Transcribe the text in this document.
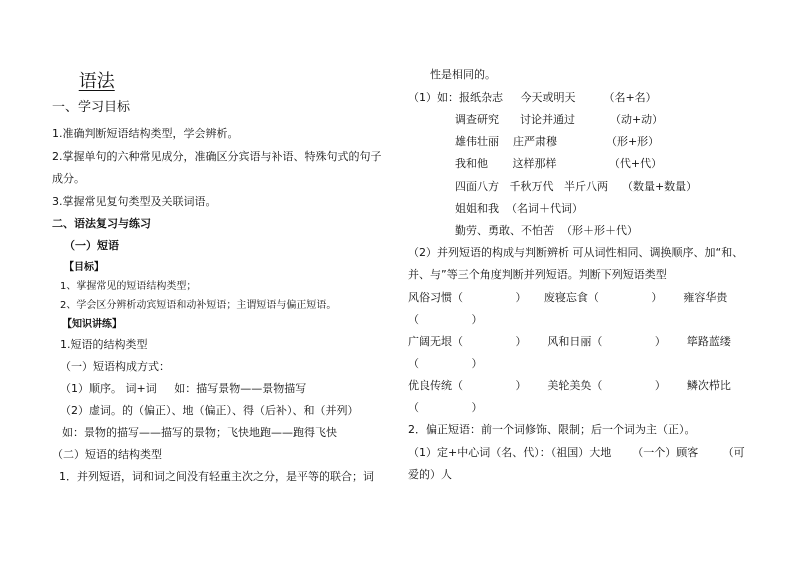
语法
一、学习目标
1.准确判断短语结构类型，学会辨析。
2.掌握单句的六种常见成分，准确区分宾语与补语、特殊句式的句子
成分。
3.掌握常见复句类型及关联词语。
二、语法复习与练习
（一）短语
【目标】
1、掌握常见的短语结构类型；
2、学会区分辨析动宾短语和动补短语；主谓短语与偏正短语。
【知识讲练】
1.短语的结构类型
（一）短语构成方式：
（1）顺序。 词+词     如：描写景物——景物描写
（2）虚词。的（偏正）、地（偏正）、得（后补）、和（并列）
如：景物的描写——描写的景物；飞快地跑——跑得飞快
（二）短语的结构类型
1．并列短语，词和词之间没有轻重主次之分，是平等的联合；词
性是相同的。
（1）如：报纸杂志     今天或明天        （名+名）
调查研究      讨论并通过          （动+动）
雄伟壮丽    庄严肃穆              （形+形）
我和他       这样那样               （代+代）
四面八方   千秋万代   半斤八两    （数量+数量）
姐姐和我  （名词＋代词）
勤劳、勇敢、不怕苦  （形＋形＋代）
（2）并列短语的构成与判断辨析 可从词性相同、调换顺序、加“和、
并、与”等三个角度判断并列短语。判断下列短语类型
风俗习惯（               ）     废寝忘食（               ）      雍容华贵
（               ）
广阔无垠（               ）      风和日丽（               ）      筚路蓝缕
（               ）
优良传统（               ）      美轮美奂（               ）      鳞次栉比
（               ）
2．偏正短语：前一个词修饰、限制；后一个词为主（正）。
（1）定+中心词（名、代）：（祖国）大地      （一个）顾客       （可
爱的）人
